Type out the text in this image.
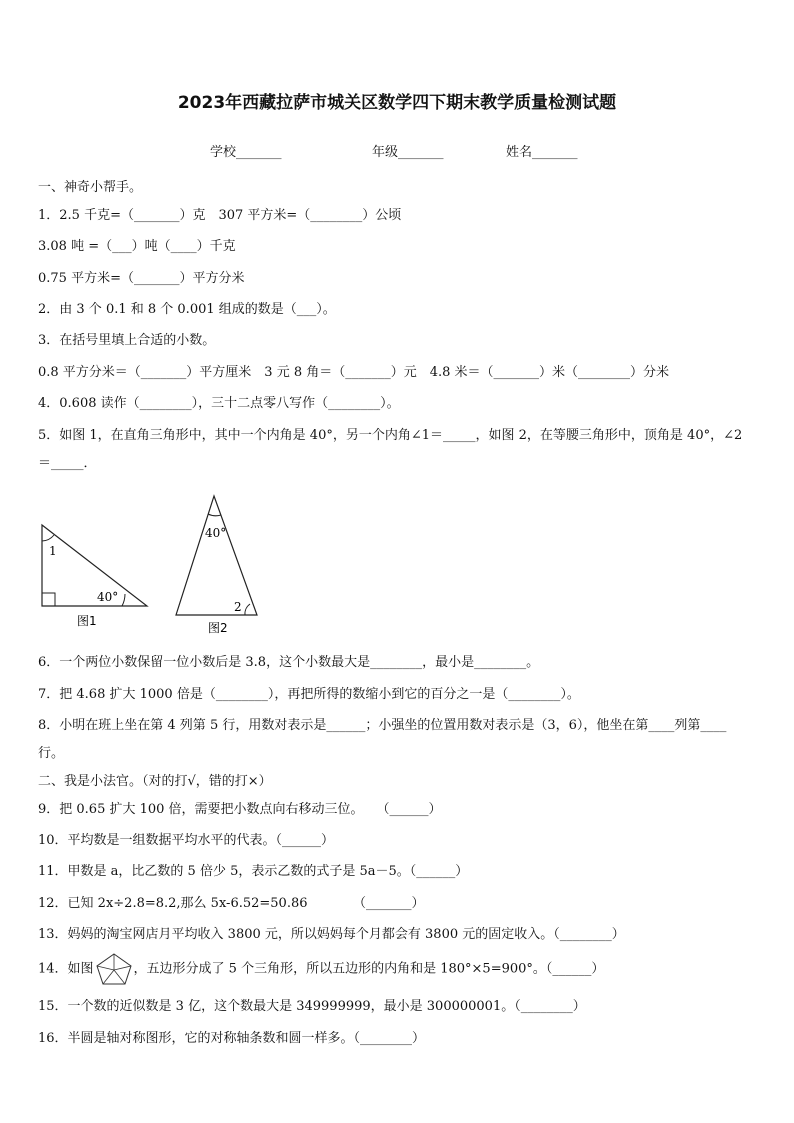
2023年西藏拉萨市城关区数学四下期末教学质量检测试题
学校_______	年级_______	姓名_______
一、神奇小帮手。
1．2.5 千克=（_______）克　307 平方米=（________）公顷
3.08 吨 =（___）吨（____）千克
0.75 平方米=（_______）平方分米
2．由 3 个 0.1 和 8 个 0.001 组成的数是（___）。
3．在括号里填上合适的小数。
0.8 平方分米＝（_______）平方厘米　3 元 8 角＝（_______）元　4.8 米＝（_______）米（________）分米
4．0.608 读作（________），三十二点零八写作（________）。
5．如图 1，在直角三角形中，其中一个内角是 40°，另一个内角∠1＝_____，如图 2，在等腰三角形中，顶角是 40°，∠2 ＝_____．
1
40°
图1
40°
2
图2
6．一个两位小数保留一位小数后是 3.8，这个小数最大是________，最小是________。
7．把 4.68 扩大 1000 倍是（________），再把所得的数缩小到它的百分之一是（________）。
8．小明在班上坐在第 4 列第 5 行，用数对表示是______；小强坐的位置用数对表示是（3，6），他坐在第____列第____ 行。
二、我是小法官。（对的打√，错的打×）
9．把 0.65 扩大 100 倍，需要把小数点向右移动三位。　　（______）
10．平均数是一组数据平均水平的代表。（______）
11．甲数是 a，比乙数的 5 倍少 5，表示乙数的式子是 5a－5。（______）
12．已知 2x÷2.8=8.2,那么 5x-6.52=50.86　　　　（_______）
13．妈妈的淘宝网店月平均收入 3800 元，所以妈妈每个月都会有 3800 元的固定收入。（________）
14．如图	，五边形分成了 5 个三角形，所以五边形的内角和是 180°×5=900°。（______）
15．一个数的近似数是 3 亿，这个数最大是 349999999，最小是 300000001。（________）
16．半圆是轴对称图形，它的对称轴条数和圆一样多。（________）
